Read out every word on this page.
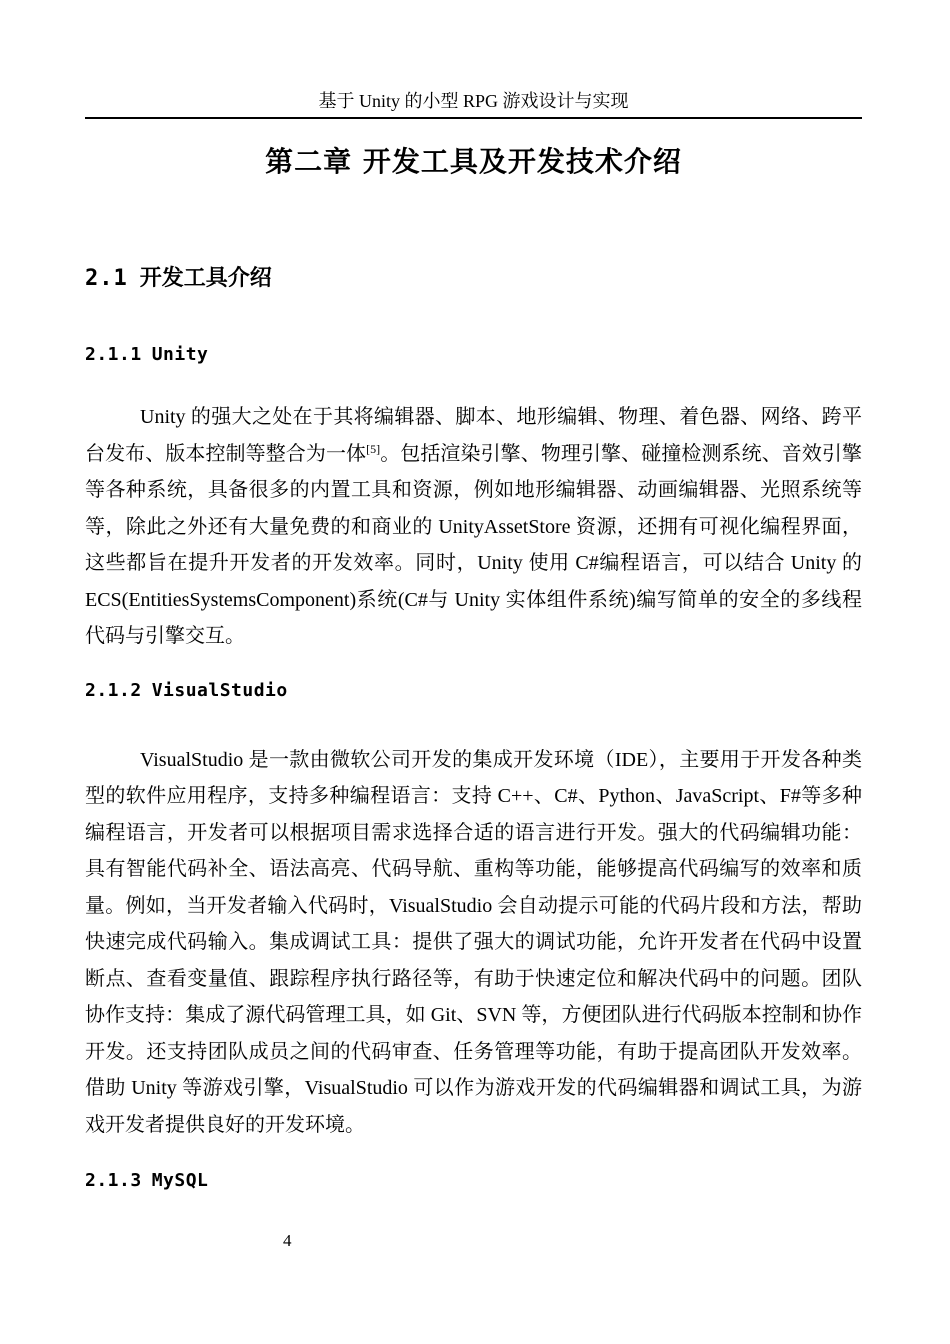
基于 Unity 的小型 RPG 游戏设计与实现
第二章 开发工具及开发技术介绍
2.1 开发工具介绍
2.1.1 Unity

Unity 的强大之处在于其将编辑器、脚本、地形编辑、物理、着色器、网络、跨平台发布、版本控制等整合为一体[5]。包括渲染引擎、物理引擎、碰撞检测系统、音效引擎等各种系统，具备很多的内置工具和资源，例如地形编辑器、动画编辑器、光照系统等等，除此之外还有大量免费的和商业的 UnityAssetStore 资源，还拥有可视化编程界面，这些都旨在提升开发者的开发效率。同时，Unity 使用 C#编程语言，可以结合 Unity 的 ECS(EntitiesSystemsComponent)系统(C#与 Unity 实体组件系统)编写简单的安全的多线程代码与引擎交互。

2.1.2 VisualStudio

VisualStudio 是一款由微软公司开发的集成开发环境（IDE），主要用于开发各种类型的软件应用程序，支持多种编程语言：支持 C++、C#、Python、JavaScript、F#等多种编程语言，开发者可以根据项目需求选择合适的语言进行开发。强大的代码编辑功能：具有智能代码补全、语法高亮、代码导航、重构等功能，能够提高代码编写的效率和质量。例如，当开发者输入代码时，VisualStudio 会自动提示可能的代码片段和方法，帮助快速完成代码输入。集成调试工具：提供了强大的调试功能，允许开发者在代码中设置断点、查看变量值、跟踪程序执行路径等，有助于快速定位和解决代码中的问题。团队协作支持：集成了源代码管理工具，如 Git、SVN 等，方便团队进行代码版本控制和协作开发。还支持团队成员之间的代码审查、任务管理等功能，有助于提高团队开发效率。借助 Unity 等游戏引擎，VisualStudio 可以作为游戏开发的代码编辑器和调试工具，为游戏开发者提供良好的开发环境。

2.1.3 MySQL
4
